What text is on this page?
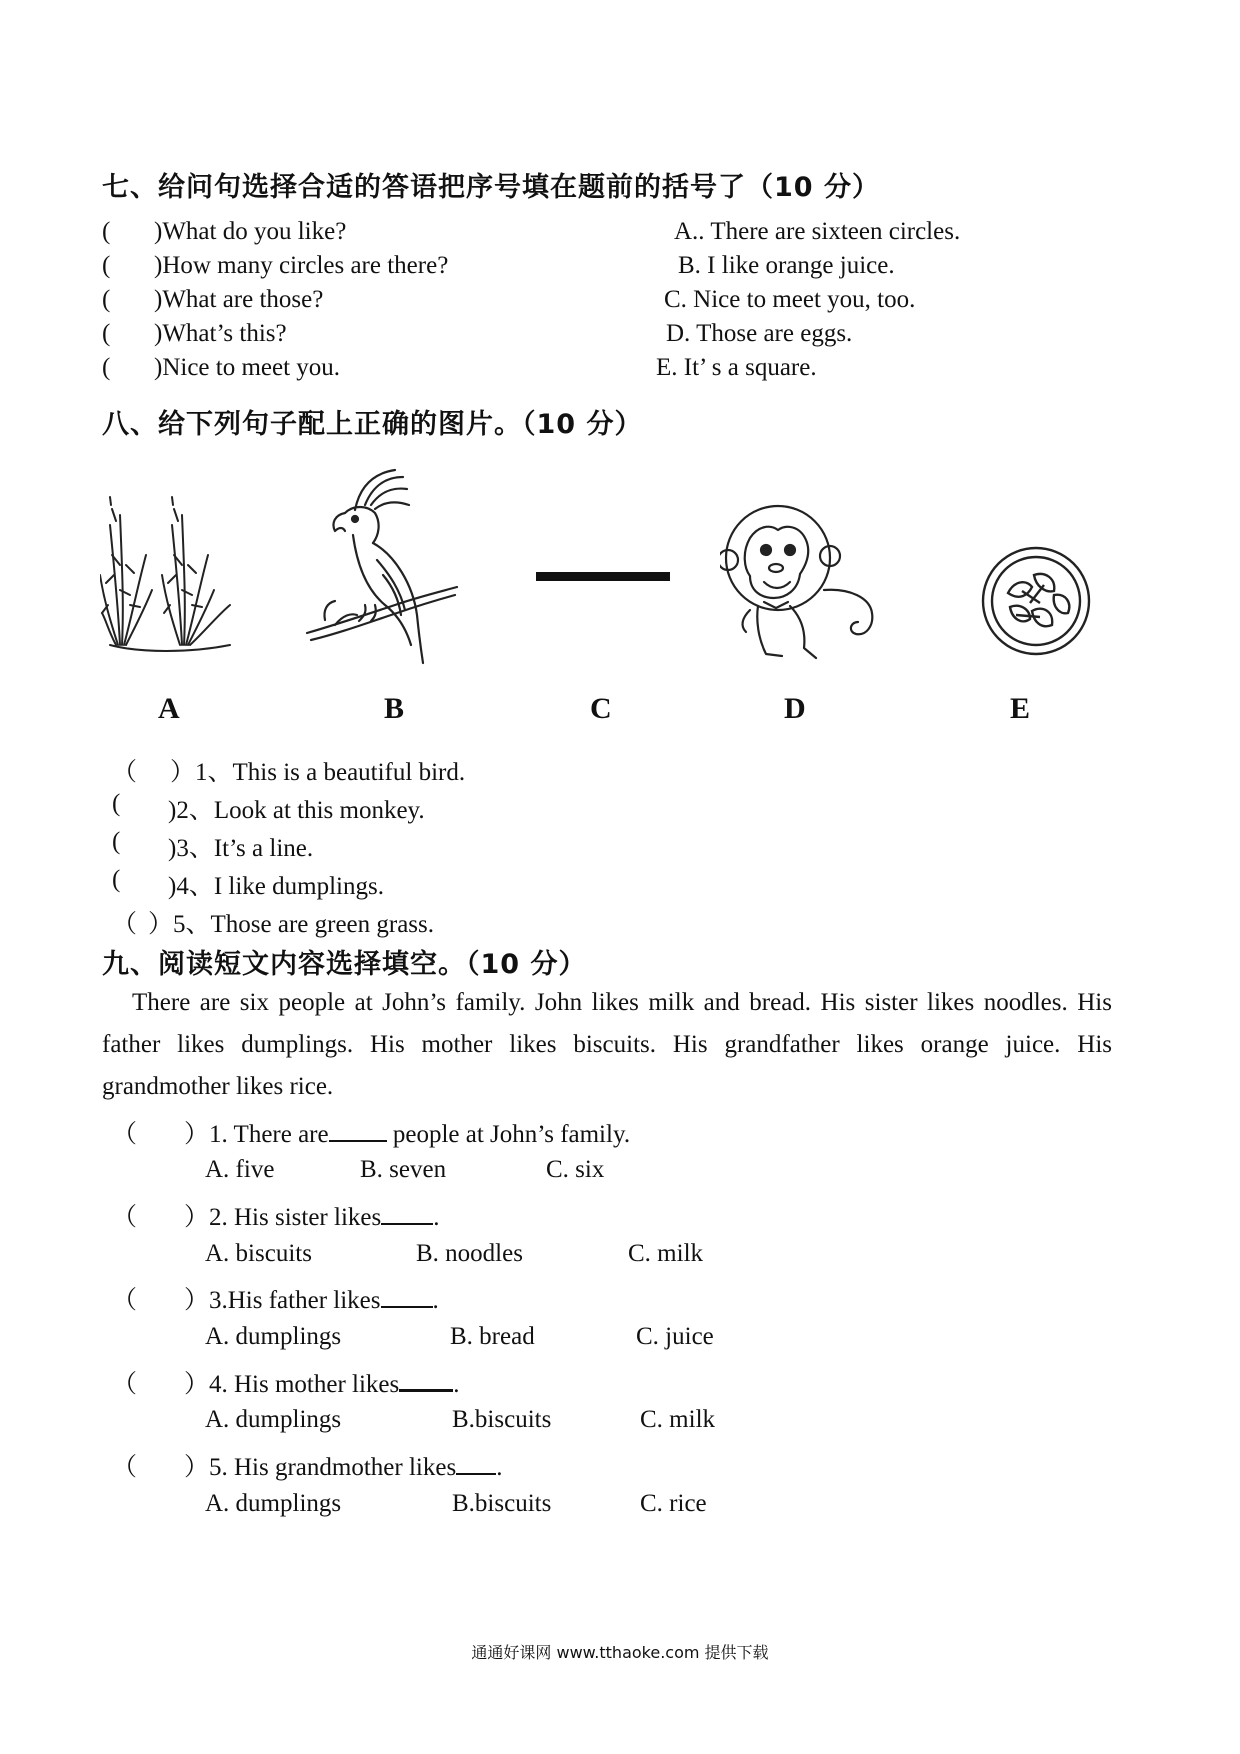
七、给问句选择合适的答语把序号填在题前的括号了（10 分）
( )What do you like?	A.. There are sixteen circles.
( )How many circles are there?	B. I like orange juice.
( )What are those?	C. Nice to meet you, too.
( )What’s this?	D. Those are eggs.
( )Nice to meet you.	E. It’ s a square.
八、给下列句子配上正确的图片。（10 分）
A	B	C	D	E
（ ）1、This is a beautiful bird.
( )2、Look at this monkey.
( )3、It’s a line.
( )4、I like dumplings.
（ ）5、Those are green grass.
九、阅读短文内容选择填空。（10 分）
There are six people at John’s family. John likes milk and bread. His sister likes noodles. His father likes dumplings. His mother likes biscuits. His grandfather likes orange juice. His grandmother likes rice.
（ ）1. There are people at John’s family.
A. five	B. seven	C. six
（ ）2. His sister likes .
A. biscuits	B. noodles	C. milk
（ ）3.His father likes .
A. dumplings	B. bread	C. juice
（ ）4. His mother likes .
A. dumplings	B.biscuits	C. milk
（ ）5. His grandmother likes .
A. dumplings	B.biscuits	C. rice
通通好课网 www.tthaoke.com 提供下载
